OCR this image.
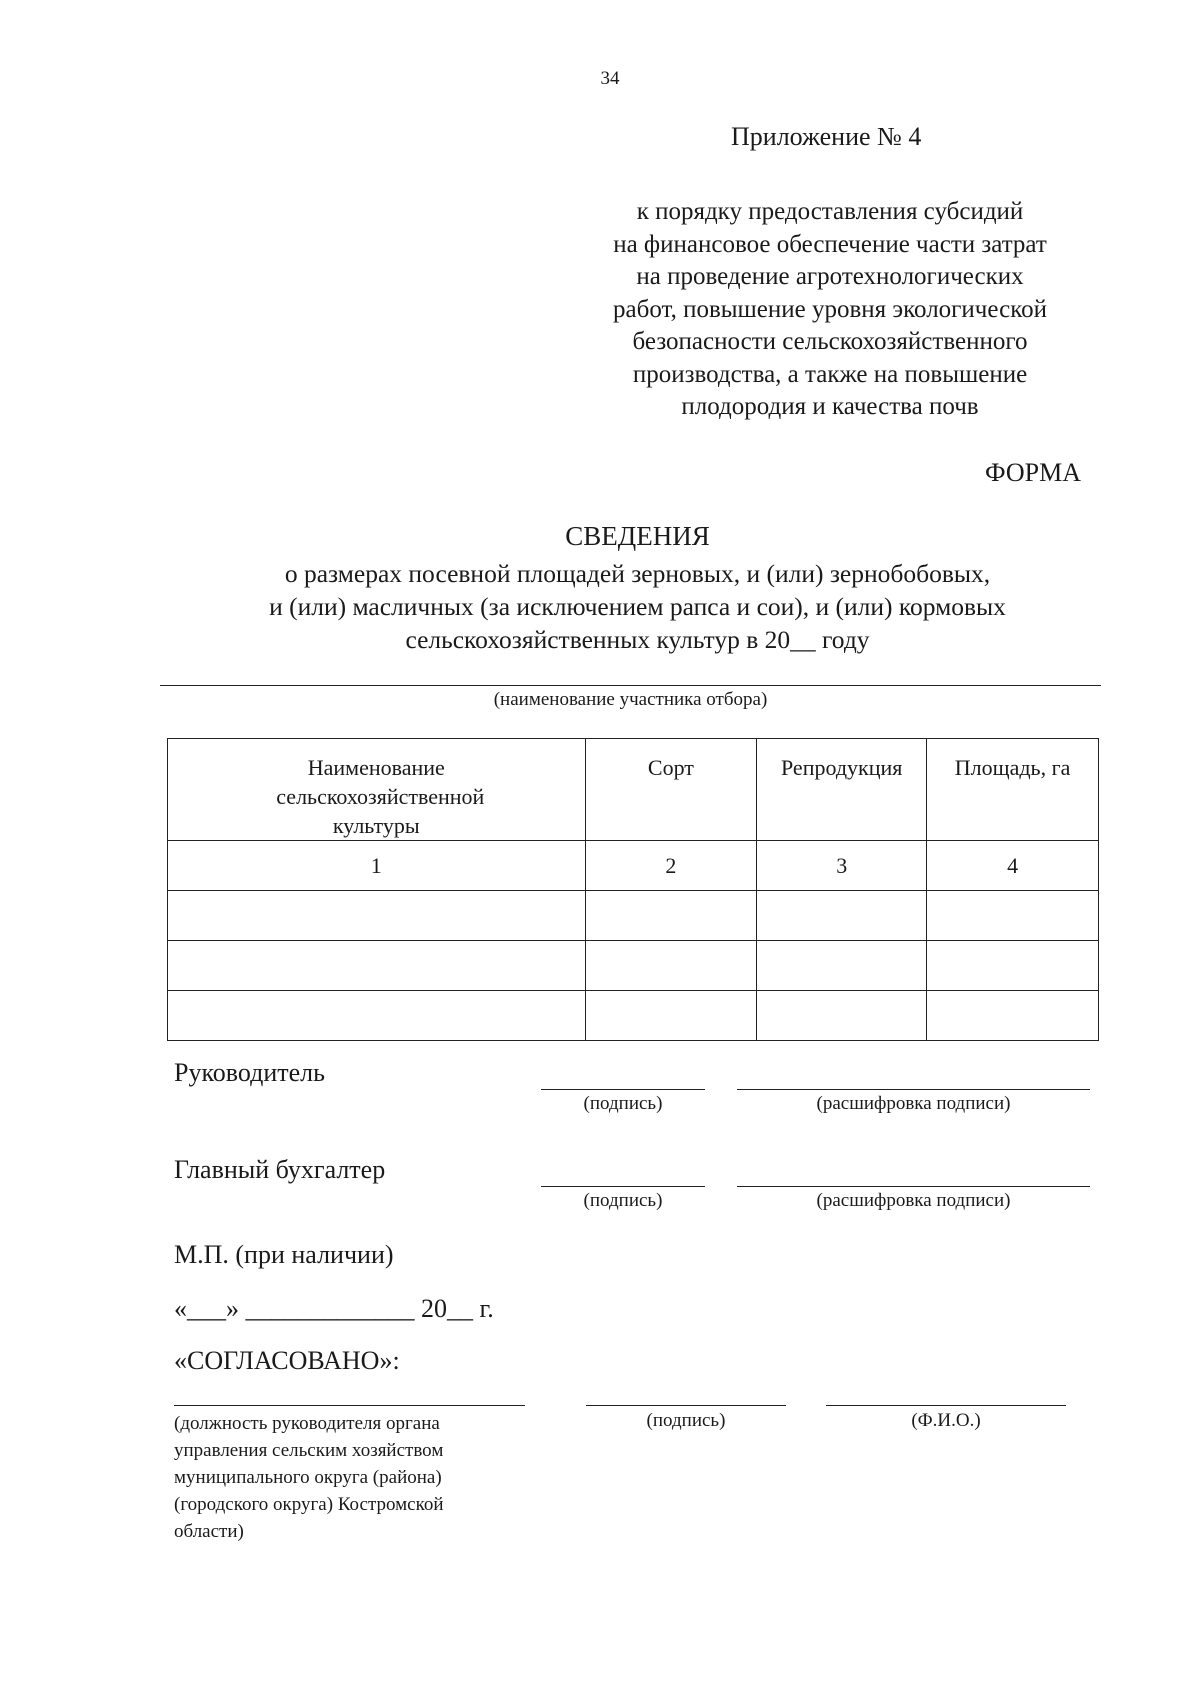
34
Приложение № 4
к порядку предоставления субсидий
на финансовое обеспечение части затрат
на проведение агротехнологических
работ, повышение уровня экологической
безопасности сельскохозяйственного
производства, а также на повышение
плодородия и качества почв
ФОРМА
СВЕДЕНИЯ
о размерах посевной площадей зерновых, и (или) зернобобовых,
и (или) масличных (за исключением рапса и сои), и (или) кормовых
сельскохозяйственных культур в 20__ году
(наименование участника отбора)
Наименование сельскохозяйственной культуры	Сорт	Репродукция	Площадь, га
1	2	3	4

Руководитель
(подпись)	(расшифровка подписи)
Главный бухгалтер
(подпись)	(расшифровка подписи)
М.П. (при наличии)
«___» _____________ 20__ г.
«СОГЛАСОВАНО»:
(должность руководителя органа
управления сельским хозяйством
муниципального округа (района)
(городского округа) Костромской
области)
(подпись)	(Ф.И.О.)
